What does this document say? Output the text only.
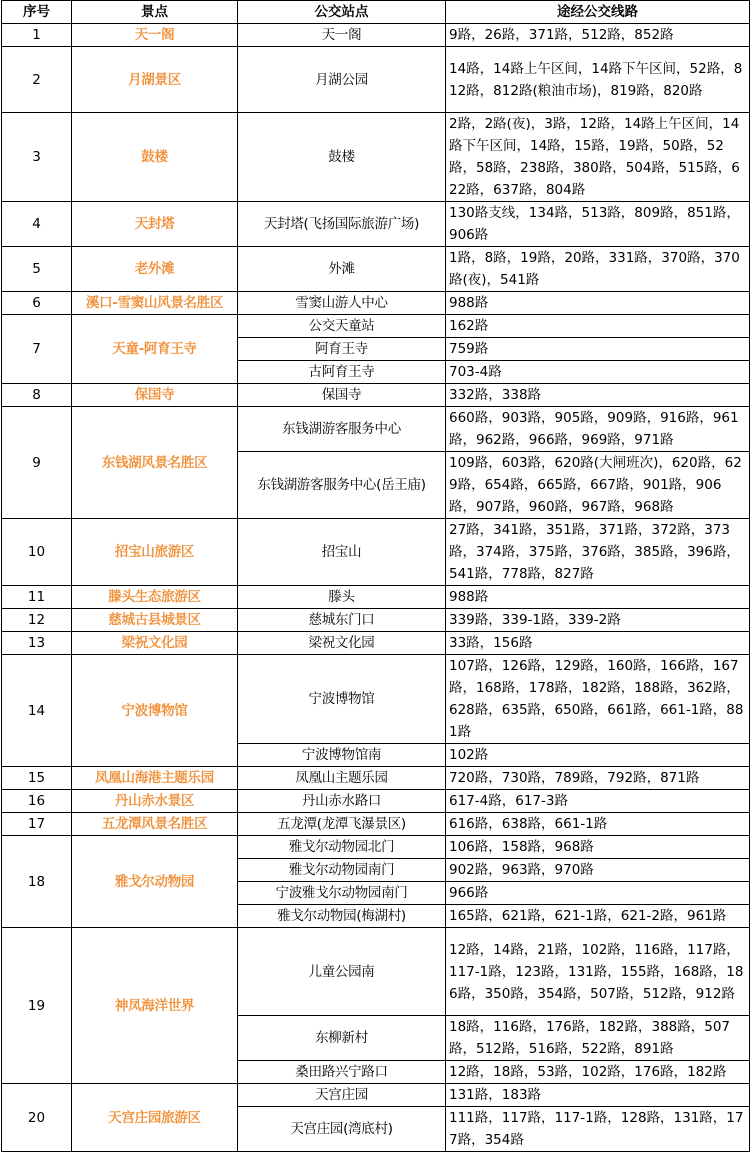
序号	景点	公交站点	途经公交线路
1	天一阁	天一阁	9路，26路，371路，512路，852路
2	月湖景区	月湖公园	14路，14路上午区间，14路下午区间，52路，812路，812路(粮油市场)，819路，820路
3	鼓楼	鼓楼	2路，2路(夜)，3路，12路，14路上午区间，14路下午区间，14路，15路，19路，50路，52路，58路，238路，380路，504路，515路，622路，637路，804路
4	天封塔	天封塔(飞扬国际旅游广场)	130路支线，134路，513路，809路，851路，906路
5	老外滩	外滩	1路，8路，19路，20路，331路，370路，370路(夜)，541路
6	溪口-雪窦山风景名胜区	雪窦山游人中心	988路
7	天童-阿育王寺	公交天童站	162路
		阿育王寺	759路
		古阿育王寺	703-4路
8	保国寺	保国寺	332路，338路
9	东钱湖风景名胜区	东钱湖游客服务中心	660路，903路，905路，909路，916路，961路，962路，966路，969路，971路
		东钱湖游客服务中心(岳王庙)	109路，603路，620路(大闸班次)，620路，629路，654路，665路，667路，901路，906路，907路，960路，967路，968路
10	招宝山旅游区	招宝山	27路，341路，351路，371路，372路，373路，374路，375路，376路，385路，396路，541路，778路，827路
11	滕头生态旅游区	滕头	988路
12	慈城古县城景区	慈城东门口	339路，339-1路，339-2路
13	梁祝文化园	梁祝文化园	33路，156路
14	宁波博物馆	宁波博物馆	107路，126路，129路，160路，166路，167路，168路，178路，182路，188路，362路，628路，635路，650路，661路，661-1路，881路
		宁波博物馆南	102路
15	凤凰山海港主题乐园	凤凰山主题乐园	720路，730路，789路，792路，871路
16	丹山赤水景区	丹山赤水路口	617-4路，617-3路
17	五龙潭风景名胜区	五龙潭(龙潭飞瀑景区)	616路，638路，661-1路
18	雅戈尔动物园	雅戈尔动物园北门	106路，158路，968路
		雅戈尔动物园南门	902路，963路，970路
		宁波雅戈尔动物园南门	966路
		雅戈尔动物园(梅湖村)	165路，621路，621-1路，621-2路，961路
19	神凤海洋世界	儿童公园南	12路，14路，21路，102路，116路，117路，117-1路，123路，131路，155路，168路，186路，350路，354路，507路，512路，912路
		东柳新村	18路，116路，176路，182路，388路，507路，512路，516路，522路，891路
		桑田路兴宁路口	12路，18路，53路，102路，176路，182路
20	天宫庄园旅游区	天宫庄园	131路，183路
		天宫庄园(湾底村)	111路，117路，117-1路，128路，131路，177路，354路
